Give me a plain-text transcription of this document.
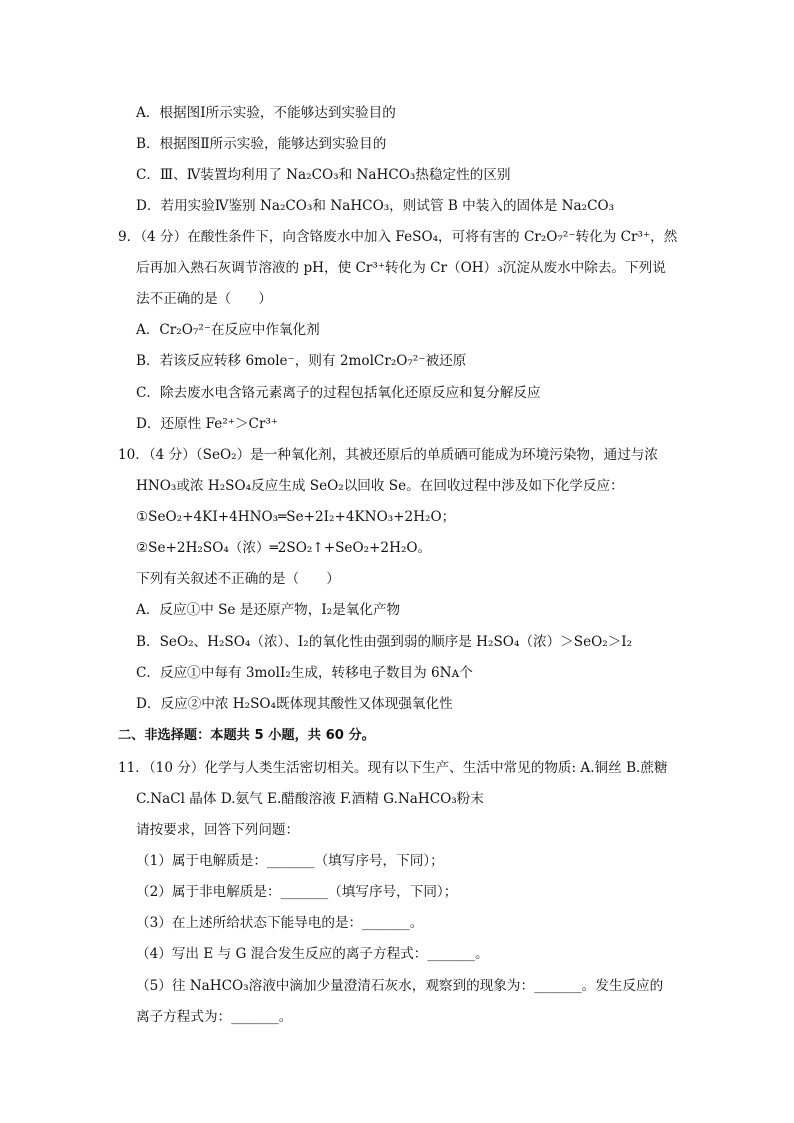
A．根据图Ⅰ所示实验，不能够达到实验目的
B．根据图Ⅱ所示实验，能够达到实验目的
C．Ⅲ、Ⅳ装置均利用了 Na₂CO₃和 NaHCO₃热稳定性的区别
D．若用实验Ⅳ鉴别 Na₂CO₃和 NaHCO₃，则试管 B 中装入的固体是 Na₂CO₃
9．（4 分）在酸性条件下，向含铬废水中加入 FeSO₄，可将有害的 Cr₂O₇²⁻转化为 Cr³⁺，然
后再加入熟石灰调节溶液的 pH，使 Cr³⁺转化为 Cr（OH）₃沉淀从废水中除去。下列说
法不正确的是（　　）
A．Cr₂O₇²⁻在反应中作氧化剂
B．若该反应转移 6mole⁻，则有 2molCr₂O₇²⁻被还原
C．除去废水电含铬元素离子的过程包括氧化还原反应和复分解反应
D．还原性 Fe²⁺＞Cr³⁺
10．（4 分）（SeO₂）是一种氧化剂，其被还原后的单质硒可能成为环境污染物，通过与浓
HNO₃或浓 H₂SO₄反应生成 SeO₂以回收 Se。在回收过程中涉及如下化学反应：
①SeO₂+4KI+4HNO₃═Se+2I₂+4KNO₃+2H₂O；
②Se+2H₂SO₄（浓）═2SO₂↑+SeO₂+2H₂O。
下列有关叙述不正确的是（　　）
A．反应①中 Se 是还原产物，I₂是氧化产物
B．SeO₂、H₂SO₄（浓）、I₂的氧化性由强到弱的顺序是 H₂SO₄（浓）＞SeO₂＞I₂
C．反应①中每有 3molI₂生成，转移电子数目为 6Nᴀ个
D．反应②中浓 H₂SO₄既体现其酸性又体现强氧化性
二、非选择题：本题共 5 小题，共 60 分。
11．（10 分）化学与人类生活密切相关。现有以下生产、生活中常见的物质: A.铜丝 B.蔗糖
C.NaCl 晶体 D.氨气 E.醋酸溶液 F.酒精 G.NaHCO₃粉末
请按要求，回答下列问题：
（1）属于电解质是：_______（填写序号，下同）；
（2）属于非电解质是：_______（填写序号，下同）；
（3）在上述所给状态下能导电的是：_______。
（4）写出 E 与 G 混合发生反应的离子方程式：_______。
（5）往 NaHCO₃溶液中滴加少量澄清石灰水，观察到的现象为：_______。发生反应的
离子方程式为：_______。
